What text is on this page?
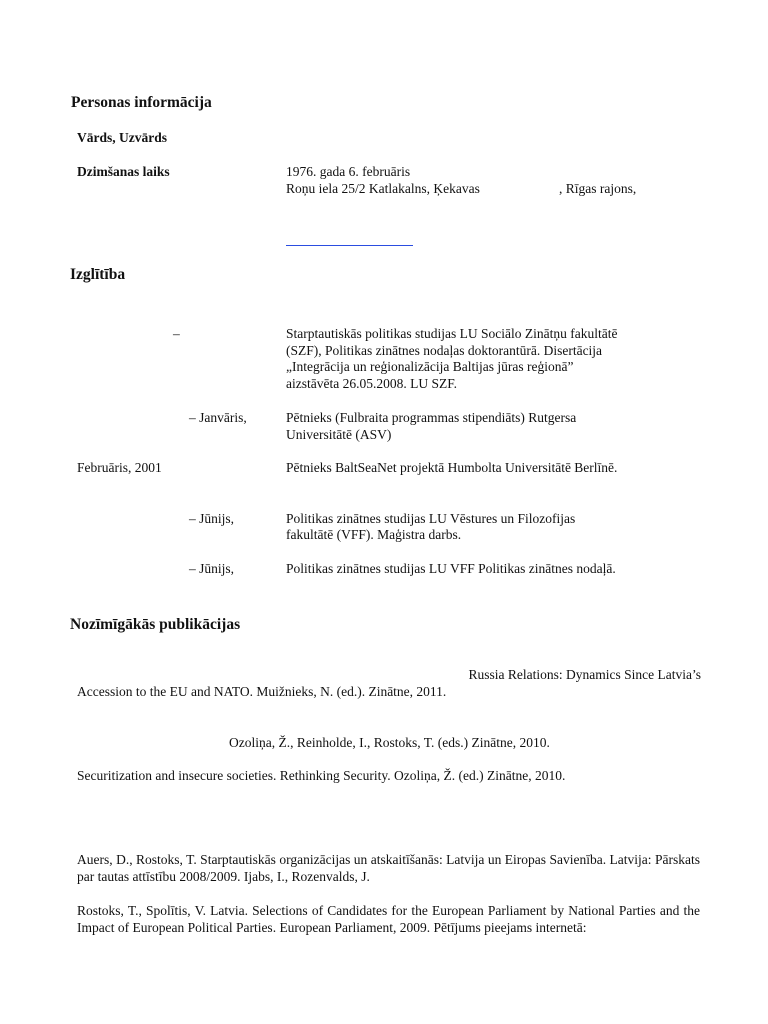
Personas informācija
Vārds, Uzvārds
Dzimšanas laiks	1976. gada 6. februāris
Roņu iela 25/2 Katlakalns, Ķekavas	, Rīgas rajons,
Izglītība
–	Starptautiskās politikas studijas LU Sociālo Zinātņu fakultātē
(SZF), Politikas zinātnes nodaļas doktorantūrā. Disertācija
„Integrācija un reģionalizācija Baltijas jūras reģionā”
aizstāvēta 26.05.2008. LU SZF.
– Janvāris,	Pētnieks (Fulbraita programmas stipendiāts) Rutgersa
Universitātē (ASV)
Februāris, 2001	Pētnieks BaltSeaNet projektā Humbolta Universitātē Berlīnē.
– Jūnijs,	Politikas zinātnes studijas LU Vēstures un Filozofijas
fakultātē (VFF). Maģistra darbs.
– Jūnijs,	Politikas zinātnes studijas LU VFF Politikas zinātnes nodaļā.
Nozīmīgākās publikācijas
Russia Relations: Dynamics Since Latvia’s
Accession to the EU and NATO. Muižnieks, N. (ed.). Zinātne, 2011.
Ozoliņa, Ž., Reinholde, I., Rostoks, T. (eds.) Zinātne, 2010.
Securitization and insecure societies. Rethinking Security. Ozoliņa, Ž. (ed.) Zinātne, 2010.
Auers, D., Rostoks, T. Starptautiskās organizācijas un atskaitīšanās: Latvija un Eiropas Savienība. Latvija: Pārskats par tautas attīstību 2008/2009. Ijabs, I., Rozenvalds, J.
Rostoks, T., Spolītis, V. Latvia. Selections of Candidates for the European Parliament by National Parties and the Impact of European Political Parties. European Parliament, 2009. Pētījums pieejams internetā:
